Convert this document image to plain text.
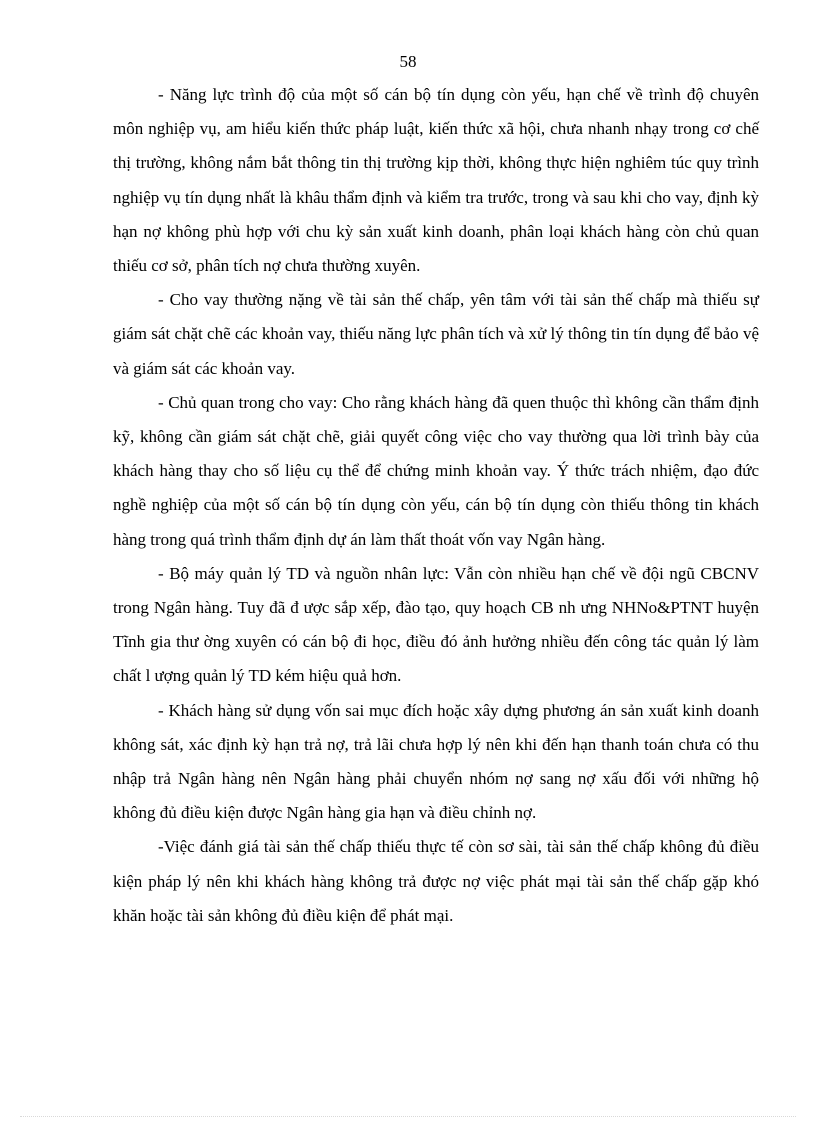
58

- Năng lực trình độ của một số cán bộ tín dụng còn yếu, hạn chế về trình độ chuyên môn nghiệp vụ, am hiểu kiến thức pháp luật, kiến thức xã hội, chưa nhanh nhạy trong cơ chế thị trường, không nắm bắt thông tin thị trường kịp thời, không thực hiện nghiêm túc quy trình nghiệp vụ tín dụng nhất là khâu thẩm định và kiểm tra trước, trong và sau khi cho vay, định kỳ hạn nợ không phù hợp với chu kỳ sản xuất kinh doanh, phân loại khách hàng còn chủ quan thiếu cơ sở, phân tích nợ chưa thường xuyên.

- Cho vay thường nặng về tài sản thế chấp, yên tâm với tài sản thế chấp mà thiếu sự giám sát chặt chẽ các khoản vay, thiếu năng lực phân tích và xử lý thông tin tín dụng để bảo vệ và giám sát các khoản vay.

- Chủ quan trong cho vay: Cho rằng khách hàng đã quen thuộc thì không cần thẩm định kỹ, không cần giám sát chặt chẽ, giải quyết công việc cho vay thường qua lời trình bày của khách hàng thay cho số liệu cụ thể để chứng minh khoản vay. Ý thức trách nhiệm, đạo đức nghề nghiệp của một số cán bộ tín dụng còn yếu, cán bộ tín dụng còn thiếu thông tin khách hàng trong quá trình thẩm định dự án làm thất thoát vốn vay Ngân hàng.

- Bộ máy quản lý TD và nguồn nhân lực: Vẫn còn nhiều hạn chế về đội ngũ CBCNV trong Ngân hàng. Tuy đã đ ược sắp xếp, đào tạo, quy hoạch CB nh ưng NHNo&PTNT huyện Tĩnh gia thư ờng xuyên có cán bộ đi học, điều đó ảnh hưởng nhiều đến công tác quản lý làm chất l ượng quản lý TD kém hiệu quả hơn.

- Khách hàng sử dụng vốn sai mục đích hoặc xây dựng phương án sản xuất kinh doanh không sát, xác định kỳ hạn trả nợ, trả lãi chưa hợp lý nên khi đến hạn thanh toán chưa có thu nhập trả Ngân hàng nên Ngân hàng phải chuyển nhóm nợ sang nợ xấu đối với những hộ không đủ điều kiện được Ngân hàng gia hạn và điều chỉnh nợ.

-Việc đánh giá tài sản thế chấp thiếu thực tế còn sơ sài, tài sản thế chấp không đủ điều kiện pháp lý nên khi khách hàng không trả được nợ việc phát mại tài sản thế chấp gặp khó khăn hoặc tài sản không đủ điều kiện để phát mại.
